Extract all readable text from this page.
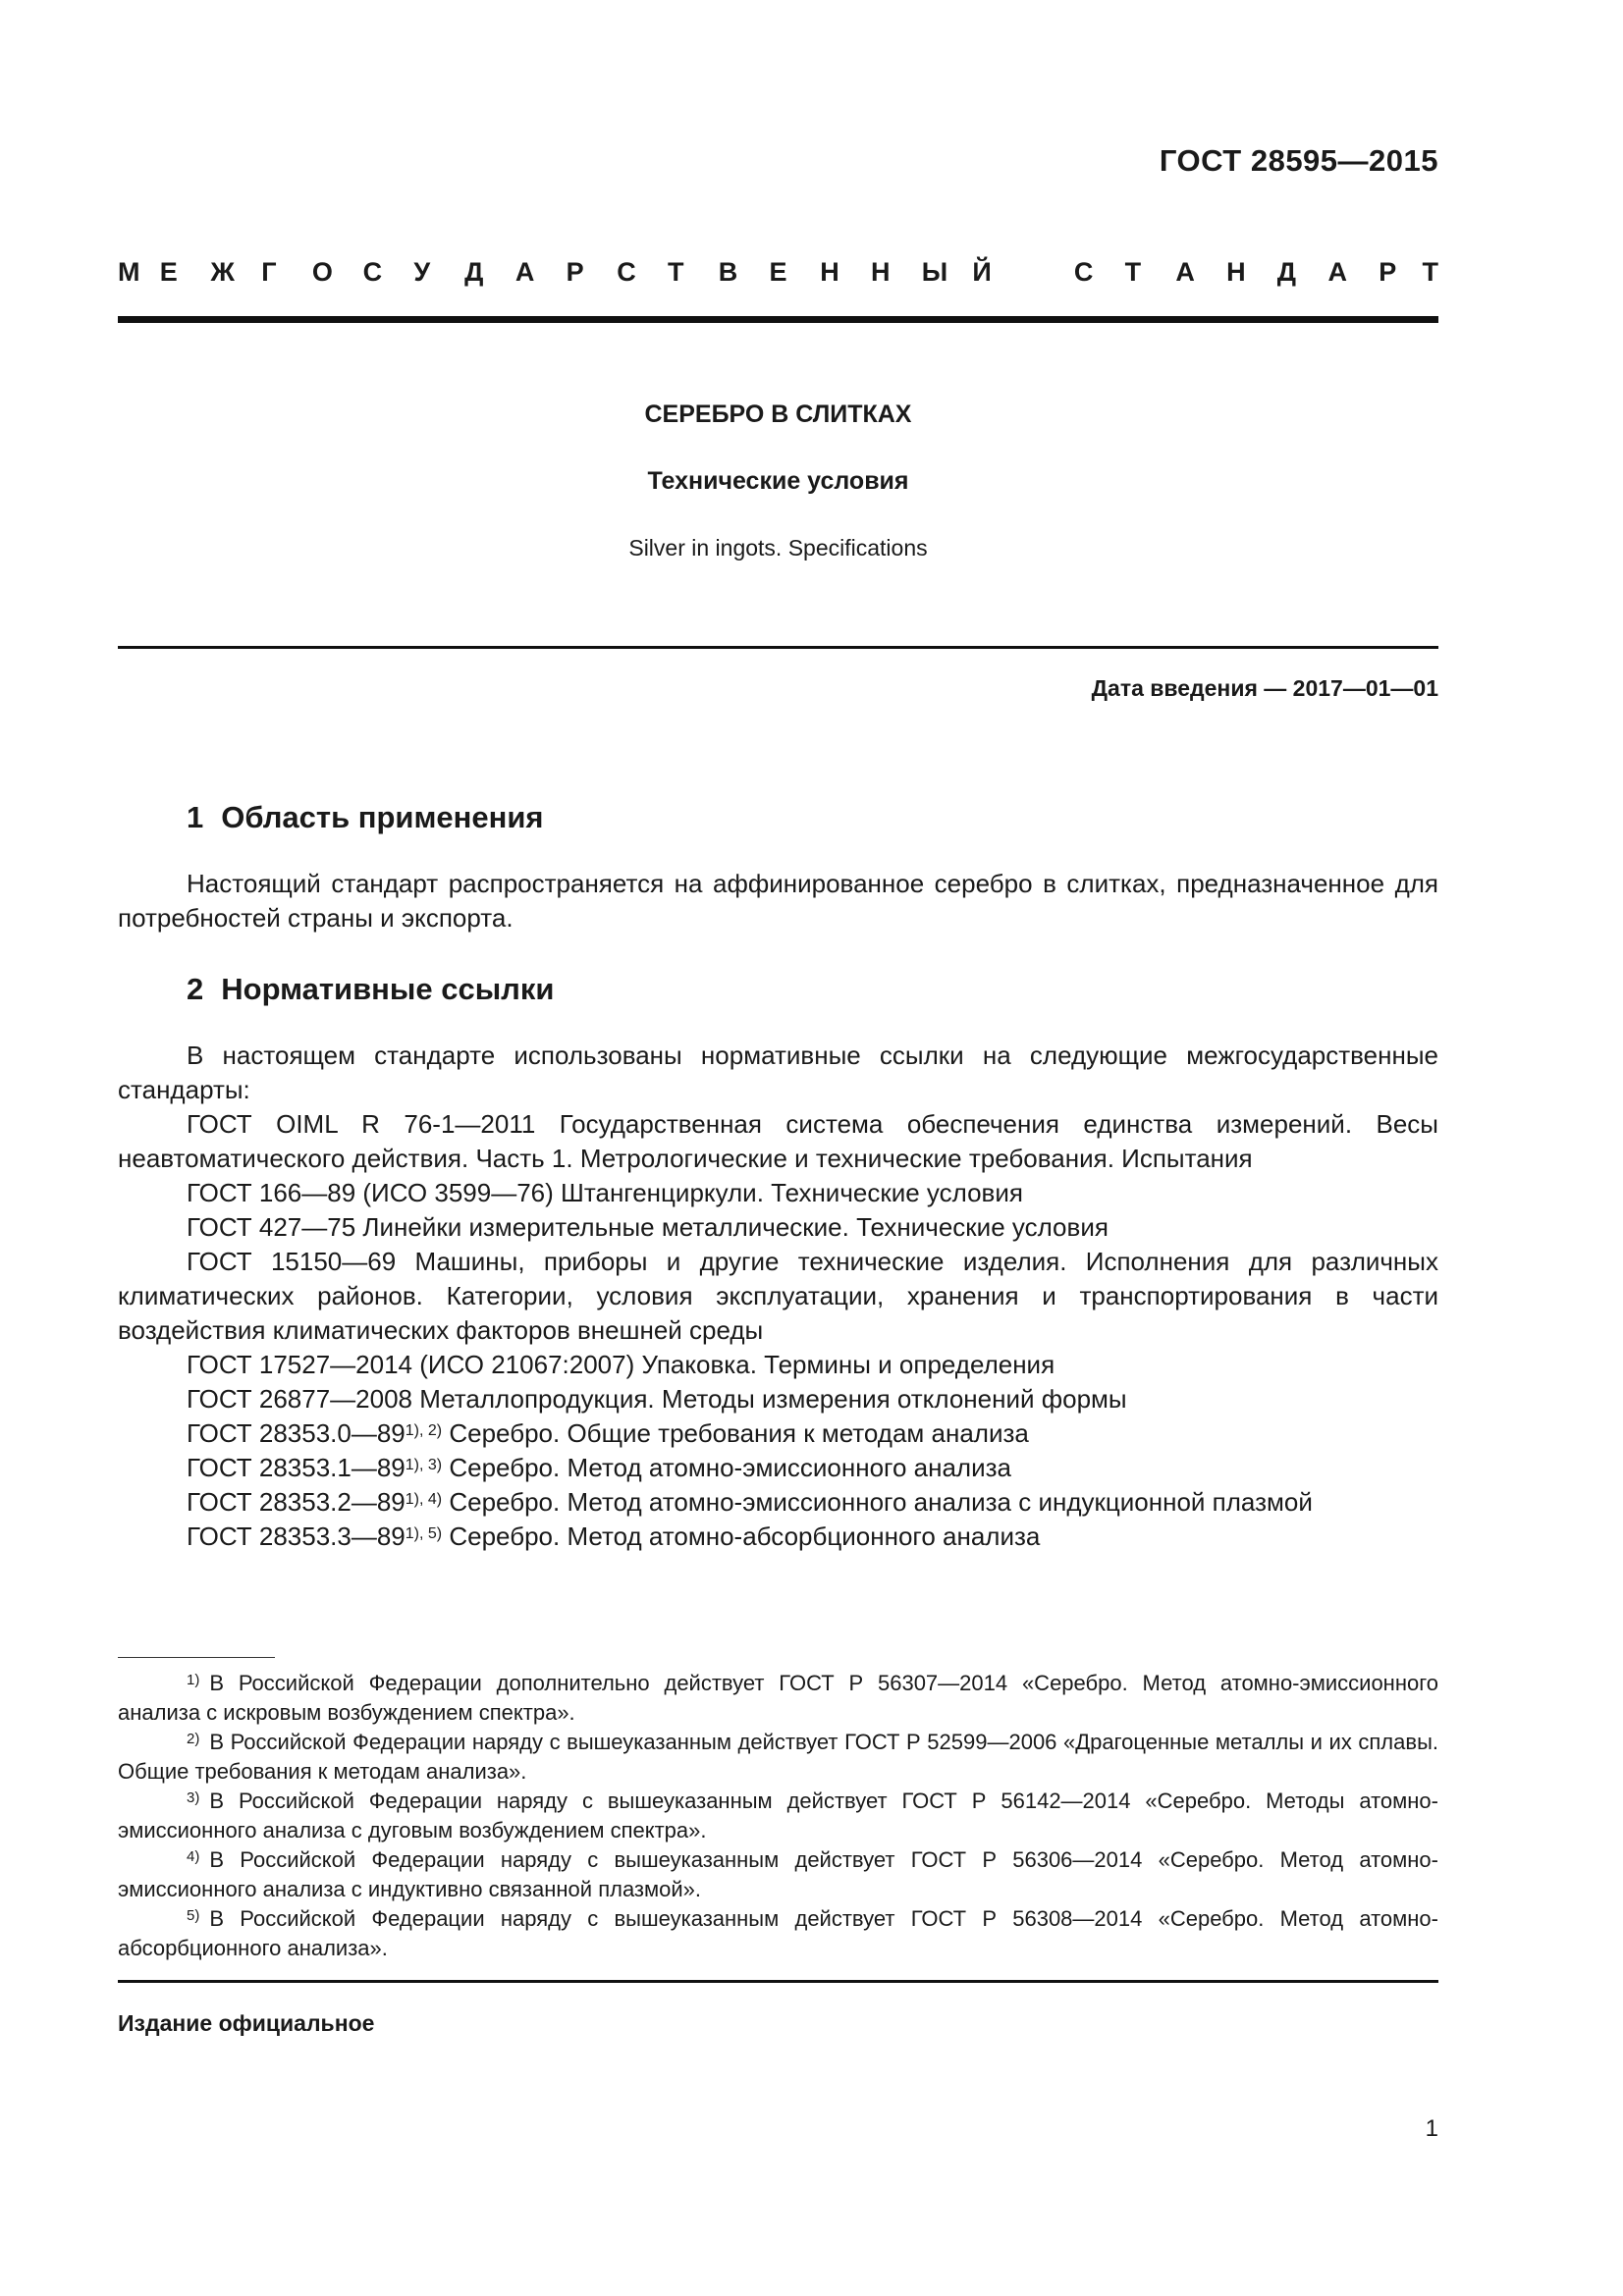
ГОСТ 28595—2015
М Е Ж Г О С У Д А Р С Т В Е Н Н Ы Й	С Т А Н Д А Р Т
СЕРЕБРО В СЛИТКАХ
Технические условия
Silver in ingots. Specifications
Дата введения — 2017—01—01
1 Область применения

Настоящий стандарт распространяется на аффинированное серебро в слитках, предназначенное для потребностей страны и экспорта.

2 Нормативные ссылки

В настоящем стандарте использованы нормативные ссылки на следующие межгосударственные стандарты:

ГОСТ OIML R 76-1—2011 Государственная система обеспечения единства измерений. Весы неавтоматического действия. Часть 1. Метрологические и технические требования. Испытания

ГОСТ 166—89 (ИСО 3599—76) Штангенциркули. Технические условия

ГОСТ 427—75 Линейки измерительные металлические. Технические условия

ГОСТ 15150—69 Машины, приборы и другие технические изделия. Исполнения для различных климатических районов. Категории, условия эксплуатации, хранения и транспортирования в части воздействия климатических факторов внешней среды

ГОСТ 17527—2014 (ИСО 21067:2007) Упаковка. Термины и определения

ГОСТ 26877—2008 Металлопродукция. Методы измерения отклонений формы

ГОСТ $28353.0—89^{1), 2)}$ Серебро. Общие требования к методам анализа

ГОСТ $28353.1—89^{1), 3)}$ Серебро. Метод атомно-эмиссионного анализа

ГОСТ $28353.2—89^{1), 4)}$ Серебро. Метод атомно-эмиссионного анализа с индукционной плазмой

ГОСТ $28353.3—89^{1), 5)}$ Серебро. Метод атомно-абсорбционного анализа

$^{1)}$ В Российской Федерации дополнительно действует ГОСТ Р 56307—2014 «Серебро. Метод атомно-эмиссионного анализа с искровым возбуждением спектра».

$^{2)}$ В Российской Федерации наряду с вышеуказанным действует ГОСТ Р 52599—2006 «Драгоценные металлы и их сплавы. Общие требования к методам анализа».

$^{3)}$ В Российской Федерации наряду с вышеуказанным действует ГОСТ Р 56142—2014 «Серебро. Методы атомно-эмиссионного анализа с дуговым возбуждением спектра».

$^{4)}$ В Российской Федерации наряду с вышеуказанным действует ГОСТ Р 56306—2014 «Серебро. Метод атомно-эмиссионного анализа с индуктивно связанной плазмой».

$^{5)}$ В Российской Федерации наряду с вышеуказанным действует ГОСТ Р 56308—2014 «Серебро. Метод атомно-абсорбционного анализа».

Издание официальное
1
